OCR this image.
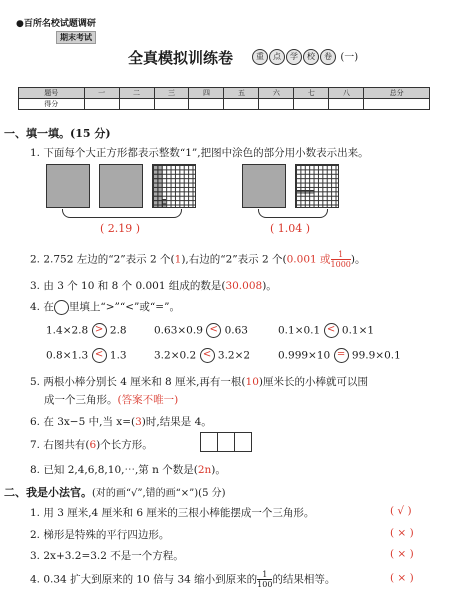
●百所名校试题调研
期末考试
全真模拟训练卷	重 点 学 校 卷 (一)
题号	一	二	三	四	五	六	七	八	总分
得分									
一、填一填。(15 分)
1. 下面每个大正方形都表示整数“1”,把图中涂色的部分用小数表示出来。
( 2.19 )	( 1.04 )
2. 2.752 左边的“2”表示 2 个(1),右边的“2”表示 2 个(0.001 或 $\frac{1}{1000}$ )。
3. 由 3 个 10 和 8 个 0.001 组成的数是(30.008)。
4. 在 里填上“>”“<”或“=”。
1.4×2.8 > 2.8	0.63×0.9 < 0.63	0.1×0.1 < 0.1×1
0.8×1.3 < 1.3	3.2×0.2 < 3.2×2	0.999×10 = 99.9×0.1
5. 两根小棒分别长 4 厘米和 8 厘米,再有一根(10)厘米长的小棒就可以围
成一个三角形。(答案不唯一)
6. 在 3x−5 中,当 x=(3)时,结果是 4。
7. 右图共有(6)个长方形。
8. 已知 2,4,6,8,10,⋯,第 n 个数是(2n)。
二、我是小法官。(对的画“√”,错的画“×”)(5 分)
1. 用 3 厘米,4 厘米和 6 厘米的三根小棒能摆成一个三角形。	( √ )
2. 梯形是特殊的平行四边形。	( × )
3. 2x+3.2=3.2 不是一个方程。	( × )
4. 0.34 扩大到原来的 10 倍与 34 缩小到原来的 $\frac{1}{100}$ 的结果相等。	( × )
